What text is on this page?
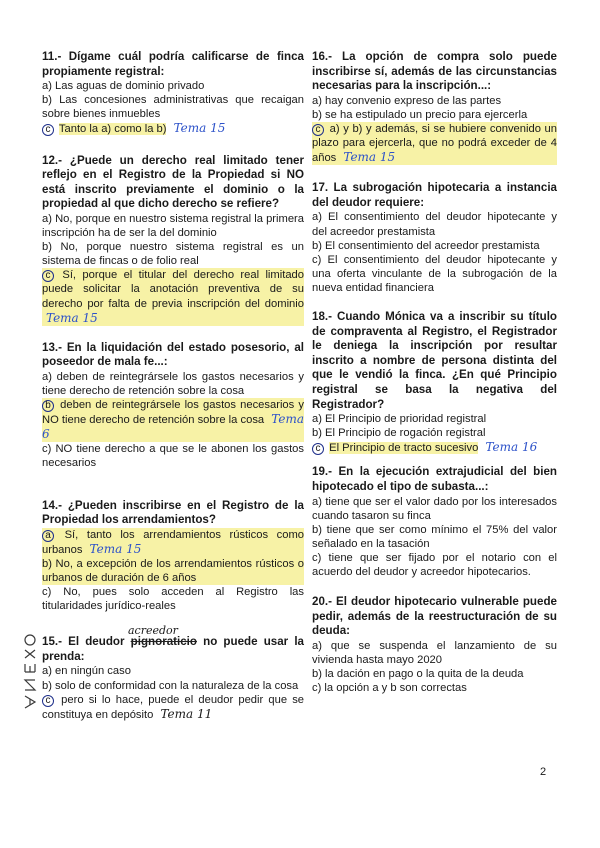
11.- Dígame cuál podría calificarse de finca propiamente registral:
a) Las aguas de dominio privado
b) Las concesiones administrativas que recaigan sobre bienes inmuebles
c Tanto la a) como la b) Tema 15
12.- ¿Puede un derecho real limitado tener reflejo en el Registro de la Propiedad si NO está inscrito previamente el dominio o la propiedad al que dicho derecho se refiere?
a) No, porque en nuestro sistema registral la primera inscripción ha de ser la del dominio
b) No, porque nuestro sistema registral es un sistema de fincas o de folio real
c Sí, porque el titular del derecho real limitado puede solicitar la anotación preventiva de su derecho por falta de previa inscripción del dominio Tema 15
13.- En la liquidación del estado posesorio, al poseedor de mala fe...:
a) deben de reintegrársele los gastos necesarios y tiene derecho de retención sobre la cosa
b deben de reintegrársele los gastos necesarios y NO tiene derecho de retención sobre la cosa Tema 6
c) NO tiene derecho a que se le abonen los gastos necesarios
14.- ¿Pueden inscribirse en el Registro de la Propiedad los arrendamientos?
a Sí, tanto los arrendamientos rústicos como urbanos Tema 15
b) No, a excepción de los arrendamientos rústicos o urbanos de duración de 6 años
c) No, pues solo acceden al Registro las titularidades jurídico-reales
acreedor
15.- El deudor pignoraticio no puede usar la prenda:
a) en ningún caso
b) solo de conformidad con la naturaleza de la cosa
c pero si lo hace, puede el deudor pedir que se constituya en depósito Tema 11
16.- La opción de compra solo puede inscribirse sí, además de las circunstancias necesarias para la inscripción...:
a) hay convenio expreso de las partes
b) se ha estipulado un precio para ejercerla
c a) y b) y además, si se hubiere convenido un plazo para ejercerla, que no podrá exceder de 4 años Tema 15
17. La subrogación hipotecaria a instancia del deudor requiere:
a) El consentimiento del deudor hipotecante y del acreedor prestamista
b) El consentimiento del acreedor prestamista
c) El consentimiento del deudor hipotecante y una oferta vinculante de la subrogación de la nueva entidad financiera
18.- Cuando Mónica va a inscribir su título de compraventa al Registro, el Registrador le deniega la inscripción por resultar inscrito a nombre de persona distinta del que le vendió la finca. ¿En qué Principio registral se basa la negativa del Registrador?
a) El Principio de prioridad registral
b) El Principio de rogación registral
c El Principio de tracto sucesivo Tema 16
19.- En la ejecución extrajudicial del bien hipotecado el tipo de subasta...:
a) tiene que ser el valor dado por los interesados cuando tasaron su finca
b) tiene que ser como mínimo el 75% del valor señalado en la tasación
c) tiene que ser fijado por el notario con el acuerdo del deudor y acreedor hipotecarios.
20.- El deudor hipotecario vulnerable puede pedir, además de la reestructuración de su deuda:
a) que se suspenda el lanzamiento de su vivienda hasta mayo 2020
b) la dación en pago o la quita de la deuda
c) la opción a y b son correctas
2
